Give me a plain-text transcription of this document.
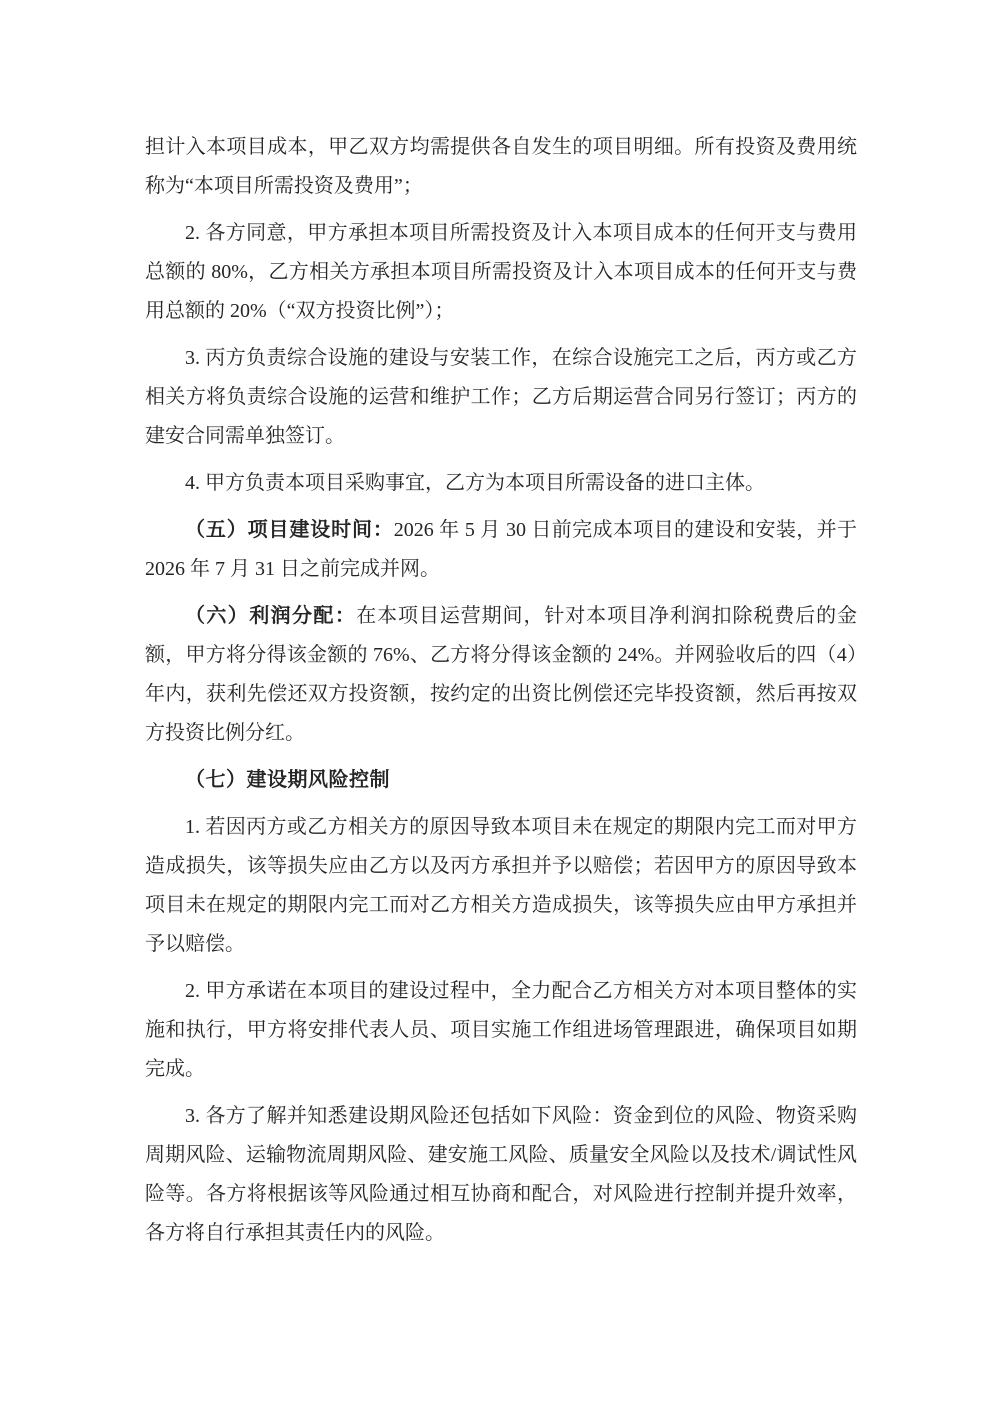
担计入本项目成本，甲乙双方均需提供各自发生的项目明细。所有投资及费用统称为“本项目所需投资及费用”；

2. 各方同意，甲方承担本项目所需投资及计入本项目成本的任何开支与费用总额的 80%，乙方相关方承担本项目所需投资及计入本项目成本的任何开支与费用总额的 20%（“双方投资比例”）；

3. 丙方负责综合设施的建设与安装工作，在综合设施完工之后，丙方或乙方相关方将负责综合设施的运营和维护工作；乙方后期运营合同另行签订；丙方的建安合同需单独签订。

4. 甲方负责本项目采购事宜，乙方为本项目所需设备的进口主体。

（五）项目建设时间：2026 年 5 月 30 日前完成本项目的建设和安装，并于 2026 年 7 月 31 日之前完成并网。

（六）利润分配：在本项目运营期间，针对本项目净利润扣除税费后的金额，甲方将分得该金额的 76%、乙方将分得该金额的 24%。并网验收后的四（4）年内，获利先偿还双方投资额，按约定的出资比例偿还完毕投资额，然后再按双方投资比例分红。

（七）建设期风险控制

1. 若因丙方或乙方相关方的原因导致本项目未在规定的期限内完工而对甲方造成损失，该等损失应由乙方以及丙方承担并予以赔偿；若因甲方的原因导致本项目未在规定的期限内完工而对乙方相关方造成损失，该等损失应由甲方承担并予以赔偿。

2. 甲方承诺在本项目的建设过程中，全力配合乙方相关方对本项目整体的实施和执行，甲方将安排代表人员、项目实施工作组进场管理跟进，确保项目如期完成。

3. 各方了解并知悉建设期风险还包括如下风险：资金到位的风险、物资采购周期风险、运输物流周期风险、建安施工风险、质量安全风险以及技术/调试性风险等。各方将根据该等风险通过相互协商和配合，对风险进行控制并提升效率，各方将自行承担其责任内的风险。
